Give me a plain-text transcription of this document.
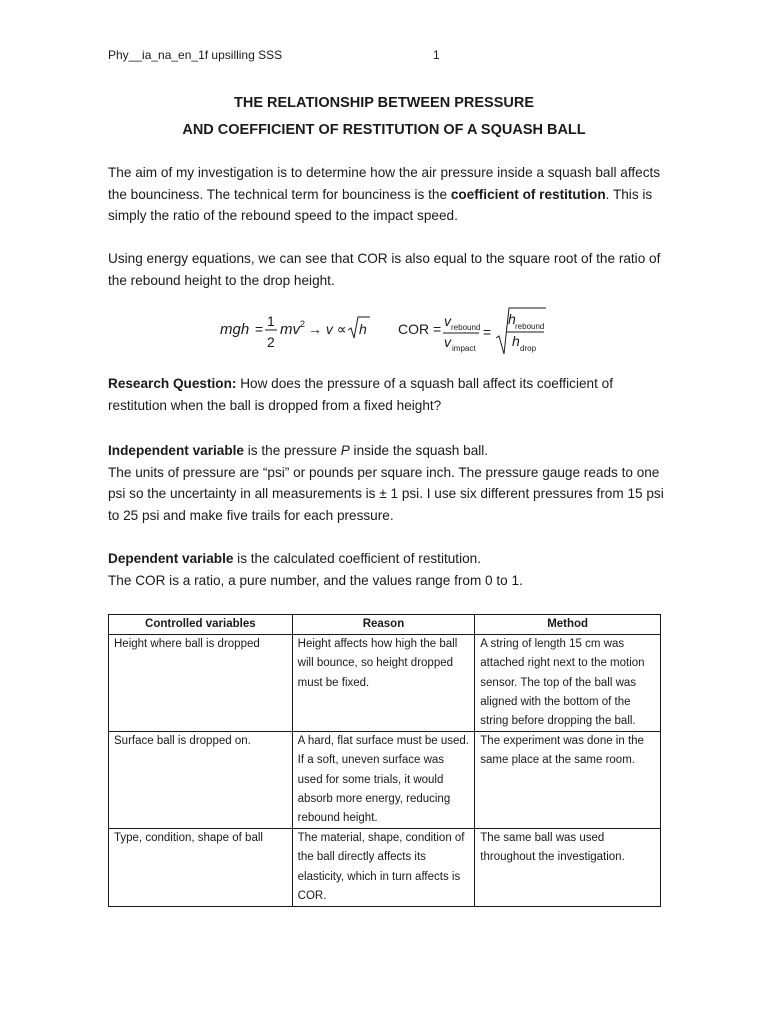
Phy__ia_na_en_1f upsilling SSS	1
THE RELATIONSHIP BETWEEN PRESSURE
AND COEFFICIENT OF RESTITUTION OF A SQUASH BALL
The aim of my investigation is to determine how the air pressure inside a squash ball affects the bounciness. The technical term for bounciness is the coefficient of restitution. This is simply the ratio of the rebound speed to the impact speed.
Using energy equations, we can see that COR is also equal to the square root of the ratio of the rebound height to the drop height.
mgh = 1
2
mv 2 → v ∝ h COR = v rebound
v impact
=
h rebound
h drop
Research Question: How does the pressure of a squash ball affect its coefficient of restitution when the ball is dropped from a fixed height?
Independent variable is the pressure P inside the squash ball.
The units of pressure are “psi” or pounds per square inch. The pressure gauge reads to one psi so the uncertainty in all measurements is ± 1 psi. I use six different pressures from 15 psi to 25 psi and make five trails for each pressure.
Dependent variable is the calculated coefficient of restitution.
The COR is a ratio, a pure number, and the values range from 0 to 1.
Controlled variables	Reason	Method
Height where ball is dropped	Height affects how high the ball will bounce, so height dropped must be fixed.	A string of length 15 cm was attached right next to the motion sensor. The top of the ball was aligned with the bottom of the string before dropping the ball.
Surface ball is dropped on.	A hard, flat surface must be used. If a soft, uneven surface was used for some trials, it would absorb more energy, reducing rebound height.	The experiment was done in the same place at the same room.
Type, condition, shape of ball	The material, shape, condition of the ball directly affects its elasticity, which in turn affects is COR.	The same ball was used throughout the investigation.
